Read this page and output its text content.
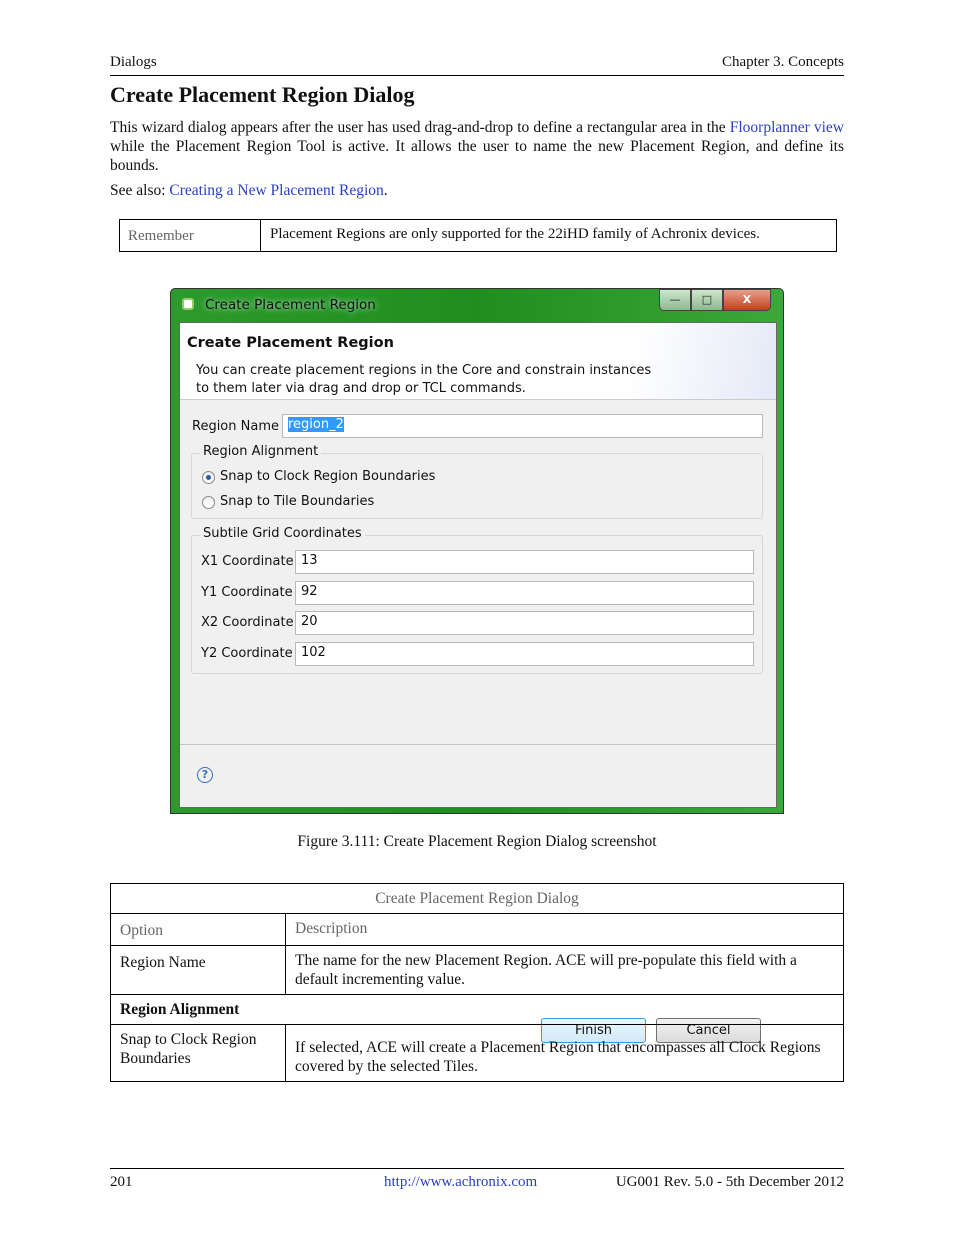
Dialogs	Chapter 3. Concepts
Create Placement Region Dialog
This wizard dialog appears after the user has used drag-and-drop to define a rectangular area in the Floorplanner view while the Placement Region Tool is active. It allows the user to name the new Placement Region, and define its bounds.
See also: Creating a New Placement Region.
Remember	Placement Regions are only supported for the 22iHD family of Achronix devices.
Create Placement Region	—	□	X
Create Placement Region
You can create placement regions in the Core and constrain instances
to them later via drag and drop or TCL commands.
Region Name region_2
Region Alignment
Snap to Clock Region Boundaries
Snap to Tile Boundaries
Subtile Grid Coordinates
X1 Coordinate 13
Y1 Coordinate 92
X2 Coordinate 20
Y2 Coordinate 102
?
Finish	Cancel
Figure 3.111: Create Placement Region Dialog screenshot
Create Placement Region Dialog	
Option	Description
Region Name	The name for the new Placement Region. ACE will pre-populate this field with a default incrementing value.
Region Alignment	
Snap to Clock Region Boundaries	If selected, ACE will create a Placement Region that encompasses all Clock Regions covered by the selected Tiles.
201	http://www.achronix.com	UG001 Rev. 5.0 - 5th December 2012
